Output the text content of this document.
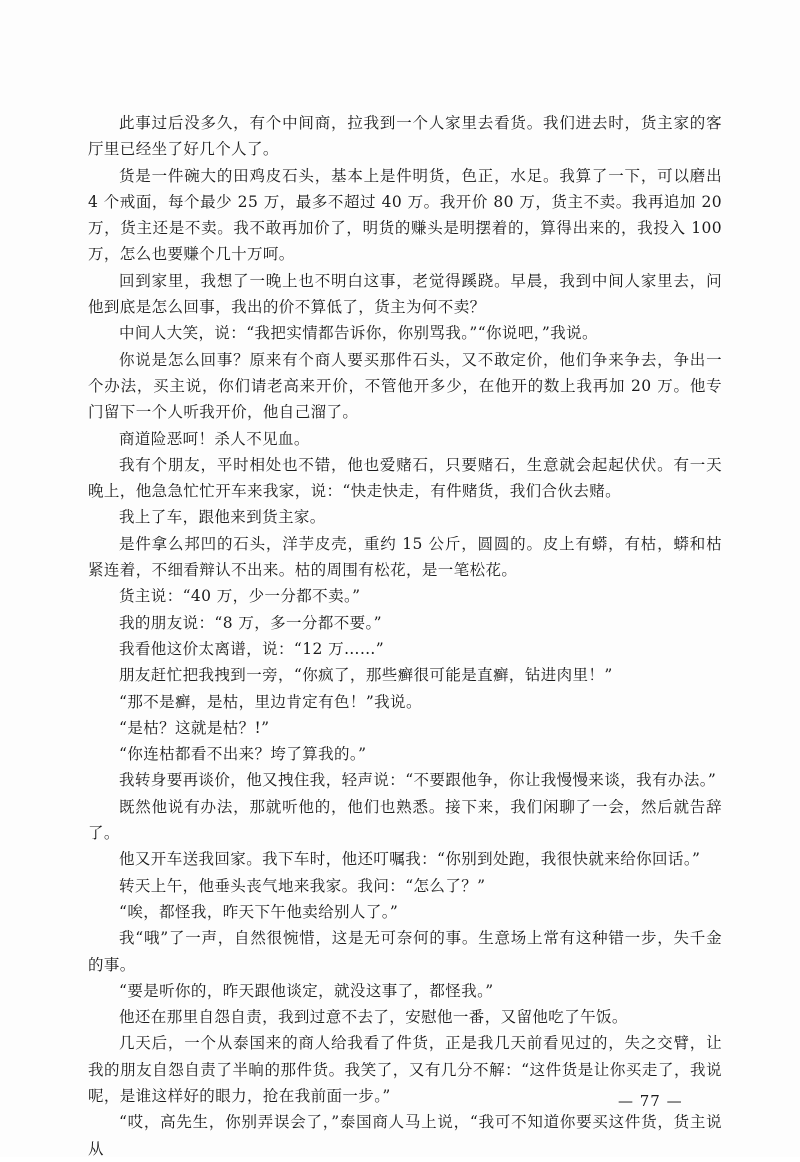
此事过后没多久，有个中间商，拉我到一个人家里去看货。我们进去时，货主家的客厅里已经坐了好几个人了。

货是一件碗大的田鸡皮石头，基本上是件明货，色正，水足。我算了一下，可以磨出 4 个戒面，每个最少 25 万，最多不超过 40 万。我开价 80 万，货主不卖。我再追加 20 万，货主还是不卖。我不敢再加价了，明货的赚头是明摆着的，算得出来的，我投入 100 万，怎么也要赚个几十万呵。

回到家里，我想了一晚上也不明白这事，老觉得蹊跷。早晨，我到中间人家里去，问他到底是怎么回事，我出的价不算低了，货主为何不卖？

中间人大笑，说：“我把实情都告诉你，你别骂我。”“你说吧，”我说。

你说是怎么回事？原来有个商人要买那件石头，又不敢定价，他们争来争去，争出一个办法，买主说，你们请老高来开价，不管他开多少，在他开的数上我再加 20 万。他专门留下一个人听我开价，他自己溜了。

商道险恶呵！杀人不见血。

我有个朋友，平时相处也不错，他也爱赌石，只要赌石，生意就会起起伏伏。有一天晚上，他急急忙忙开车来我家，说：“快走快走，有件赌货，我们合伙去赌。

我上了车，跟他来到货主家。

是件拿么邦凹的石头，洋芋皮壳，重约 15 公斤，圆圆的。皮上有蟒，有枯，蟒和枯紧连着，不细看辩认不出来。枯的周围有松花，是一笔松花。

货主说：“40 万，少一分都不卖。”

我的朋友说：“8 万，多一分都不要。”

我看他这价太离谱，说：“12 万……”

朋友赶忙把我拽到一旁，“你疯了，那些癣很可能是直癣，钻进肉里！”

“那不是癣，是枯，里边肯定有色！”我说。

“是枯？这就是枯？!”

“你连枯都看不出来？垮了算我的。”

我转身要再谈价，他又拽住我，轻声说：“不要跟他争，你让我慢慢来谈，我有办法。”

既然他说有办法，那就听他的，他们也熟悉。接下来，我们闲聊了一会，然后就告辞了。

他又开车送我回家。我下车时，他还叮嘱我：“你别到处跑，我很快就来给你回话。”

转天上午，他垂头丧气地来我家。我问：“怎么了？”

“唉，都怪我，昨天下午他卖给别人了。”

我“哦”了一声，自然很惋惜，这是无可奈何的事。生意场上常有这种错一步，失千金的事。

“要是听你的，昨天跟他谈定，就没这事了，都怪我。”

他还在那里自怨自责，我到过意不去了，安慰他一番，又留他吃了午饭。

几天后，一个从泰国来的商人给我看了件货，正是我几天前看见过的，失之交臂，让我的朋友自怨自责了半晌的那件货。我笑了，又有几分不解：“这件货是让你买走了，我说呢，是谁这样好的眼力，抢在我前面一步。”

“哎，高先生，你别弄误会了，”泰国商人马上说，“我可不知道你要买这件货，货主说从

— 77 —
